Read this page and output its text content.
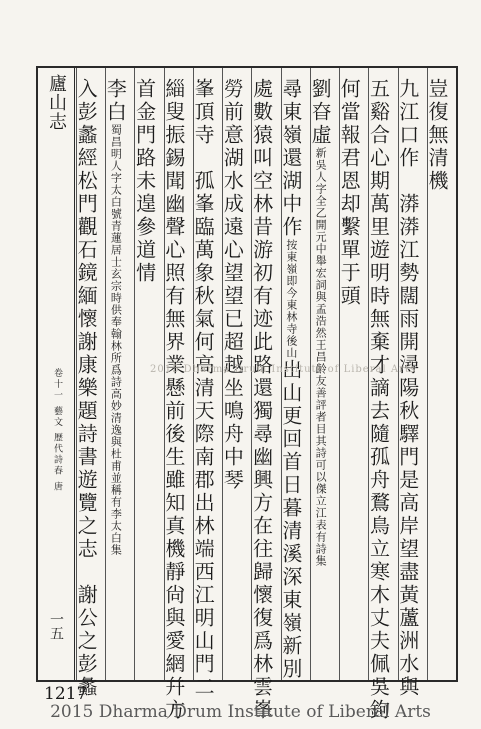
廬山志
卷十一 藝文 歷代詩春 唐
一五
豈復無清機
九江口作　漭漭江勢闊雨開潯陽秋驛門是高岸望盡黃蘆洲水與
五谿合心期萬里遊明時無棄才謫去隨孤舟鶩鳥立寒木丈夫佩吳鉤
何當報君恩却繫單于頭
劉昚虛新吳人字全乙開元中舉宏詞與孟浩然王昌齡友善評者目其詩可以傑立江表有詩集
尋東嶺還湖中作按東嶺即今東林寺後山出山更回首日暮清溪深東嶺新別
處數猿叫空林昔游初有迹此路還獨尋幽興方在往歸懷復爲林雲峯
勞前意湖水成遠心望望已超越坐鳴舟中琴
峯頂寺　孤峯臨萬象秋氣何高清天際南郡出林端西江明山門二
緇叟振錫聞幽聲心照有無界業懸前後生雖知真機靜尙與愛網幷方
首金門路未遑參道情
李白蜀昌明人字太白號青蓮居士玄宗時供奉翰林所爲詩高妙清逸與杜甫並稱有李太白集
入彭蠡經松門觀石鏡緬懷謝康樂題詩書遊覽之志　謝公之彭蠡	2015 Dharma Drum Institute of Liberal Arts
1217
2015 Dharma Drum Institute of Liberal Arts
